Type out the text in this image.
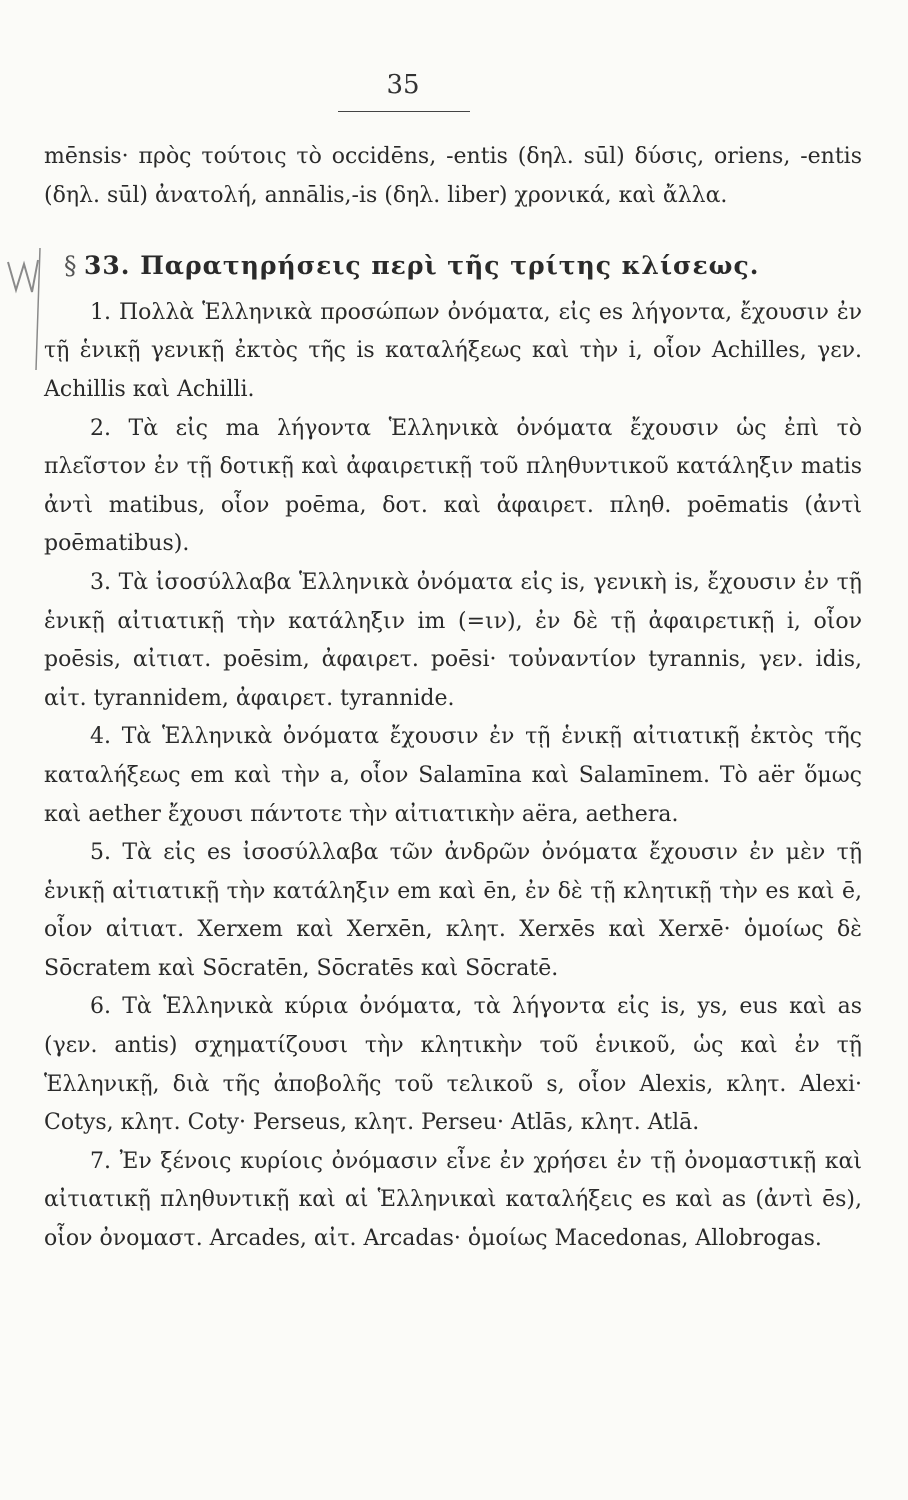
35

mēnsis· πρὸς τούτοις τὸ occidēns, -entis (δηλ. sūl) δύσις, oriens, -entis (δηλ. sūl) ἀνατολή, annālis,-is (δηλ. liber) χρονικά, καὶ ἄλλα.

§ 33. Παρατηρήσεις περὶ τῆς τρίτης κλίσεως.

1. Πολλὰ Ἑλληνικὰ προσώπων ὀνόματα, εἰς es λήγοντα, ἔχουσιν ἐν τῇ ἑνικῇ γενικῇ ἐκτὸς τῆς is καταλήξεως καὶ τὴν i, οἷον Achilles, γεν. Achillis καὶ Achilli.

2. Τὰ εἰς ma λήγοντα Ἑλληνικὰ ὀνόματα ἔχουσιν ὡς ἐπὶ τὸ πλεῖστον ἐν τῇ δοτικῇ καὶ ἀφαιρετικῇ τοῦ πληθυντικοῦ κατάληξιν matis ἀντὶ matibus, οἷον poēma, δοτ. καὶ ἀφαιρετ. πληθ. poēmatis (ἀντὶ poēmatibus).

3. Τὰ ἰσοσύλλαβα Ἑλληνικὰ ὀνόματα εἰς is, γενικὴ is, ἔχουσιν ἐν τῇ ἑνικῇ αἰτιατικῇ τὴν κατάληξιν im (=ιν), ἐν δὲ τῇ ἀφαιρετικῇ i, οἷον poēsis, αἰτιατ. poēsim, ἀφαιρετ. poēsi· τοὐναντίον tyrannis, γεν. idis, αἰτ. tyrannidem, ἀφαιρετ. tyrannide.

4. Τὰ Ἑλληνικὰ ὀνόματα ἔχουσιν ἐν τῇ ἑνικῇ αἰτιατικῇ ἐκτὸς τῆς καταλήξεως em καὶ τὴν a, οἷον Salamīna καὶ Salamīnem. Τὸ aër ὅμως καὶ aether ἔχουσι πάντοτε τὴν αἰτιατικὴν aëra, aethera.

5. Τὰ εἰς es ἰσοσύλλαβα τῶν ἀνδρῶν ὀνόματα ἔχουσιν ἐν μὲν τῇ ἑνικῇ αἰτιατικῇ τὴν κατάληξιν em καὶ ēn, ἐν δὲ τῇ κλητικῇ τὴν es καὶ ē, οἷον αἰτιατ. Xerxem καὶ Xerxēn, κλητ. Xerxēs καὶ Xerxē· ὁμοίως δὲ Sōcratem καὶ Sōcratēn, Sōcratēs καὶ Sōcratē.

6. Τὰ Ἑλληνικὰ κύρια ὀνόματα, τὰ λήγοντα εἰς is, ys, eus καὶ as (γεν. antis) σχηματίζουσι τὴν κλητικὴν τοῦ ἑνικοῦ, ὡς καὶ ἐν τῇ Ἑλληνικῇ, διὰ τῆς ἀποβολῆς τοῦ τελικοῦ s, οἷον Alexis, κλητ. Alexi· Cotys, κλητ. Coty· Perseus, κλητ. Perseu· Atlās, κλητ. Atlā.

7. Ἐν ξένοις κυρίοις ὀνόμασιν εἶνε ἐν χρήσει ἐν τῇ ὀνομαστικῇ καὶ αἰτιατικῇ πληθυντικῇ καὶ αἱ Ἑλληνικαὶ καταλήξεις es καὶ as (ἀντὶ ēs), οἷον ὀνομαστ. Arcades, αἰτ. Arcadas· ὁμοίως Macedonas, Allobrogas.
